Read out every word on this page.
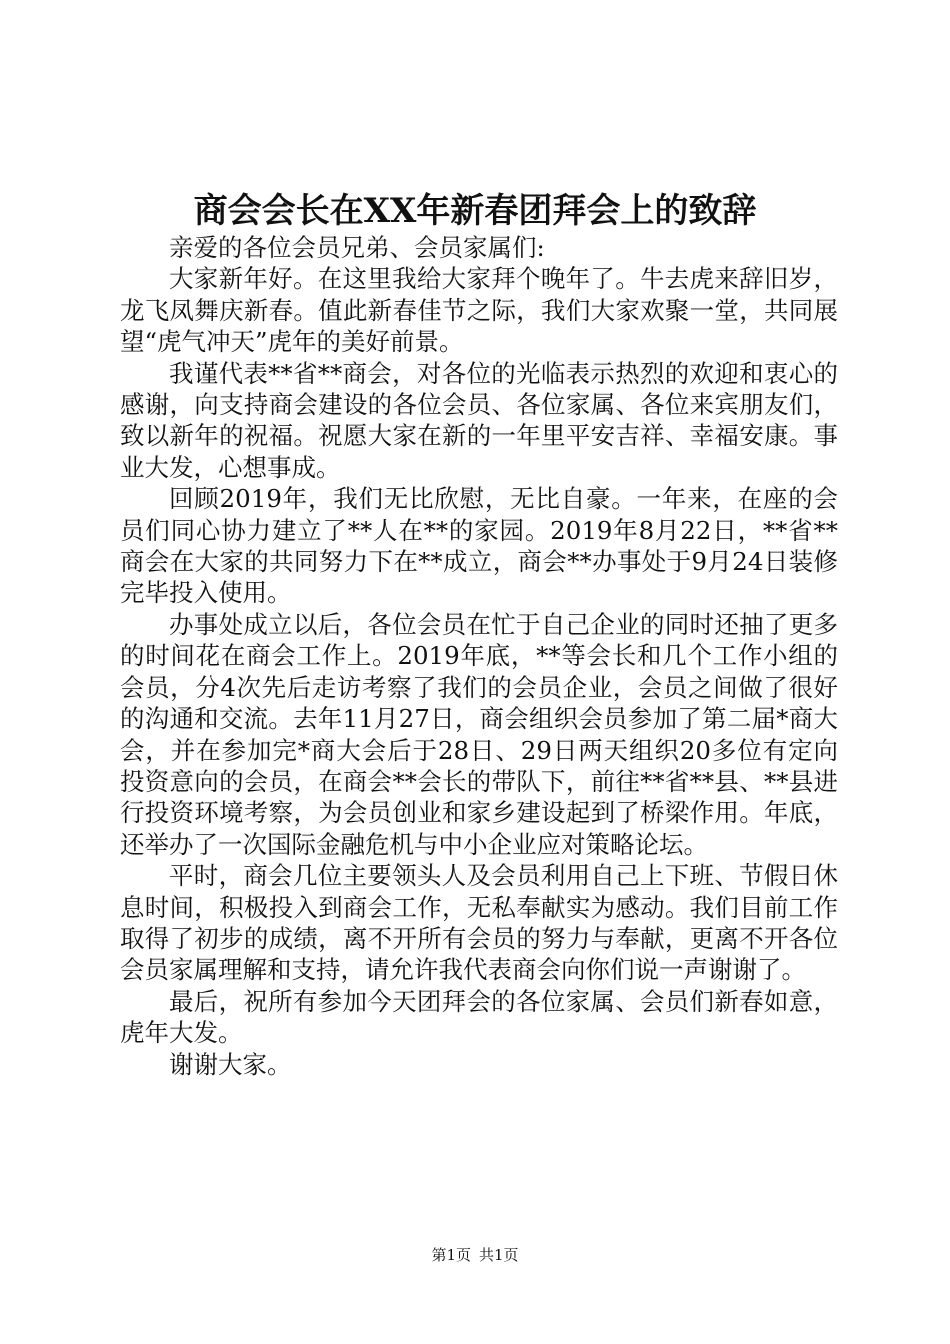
商会会长在XX年新春团拜会上的致辞

亲爱的各位会员兄弟、会员家属们:

大家新年好。在这里我给大家拜个晚年了。牛去虎来辞旧岁，龙飞凤舞庆新春。值此新春佳节之际，我们大家欢聚一堂，共同展望“虎气冲天”虎年的美好前景。

我谨代表**省**商会，对各位的光临表示热烈的欢迎和衷心的感谢，向支持商会建设的各位会员、各位家属、各位来宾朋友们，致以新年的祝福。祝愿大家在新的一年里平安吉祥、幸福安康。事业大发，心想事成。

回顾2019年，我们无比欣慰，无比自豪。一年来，在座的会员们同心协力建立了**人在**的家园。2019年8月22日，**省**商会在大家的共同努力下在**成立，商会**办事处于9月24日装修完毕投入使用。

办事处成立以后，各位会员在忙于自己企业的同时还抽了更多的时间花在商会工作上。2019年底，**等会长和几个工作小组的会员，分4次先后走访考察了我们的会员企业，会员之间做了很好的沟通和交流。去年11月27日，商会组织会员参加了第二届*商大会，并在参加完*商大会后于28日、29日两天组织20多位有定向投资意向的会员，在商会**会长的带队下，前往**省**县、**县进行投资环境考察，为会员创业和家乡建设起到了桥梁作用。年底，还举办了一次国际金融危机与中小企业应对策略论坛。

平时，商会几位主要领头人及会员利用自己上下班、节假日休息时间，积极投入到商会工作，无私奉献实为感动。我们目前工作取得了初步的成绩，离不开所有会员的努力与奉献，更离不开各位会员家属理解和支持，请允许我代表商会向你们说一声谢谢了。

最后，祝所有参加今天团拜会的各位家属、会员们新春如意，虎年大发。

谢谢大家。

第1页 共1页
